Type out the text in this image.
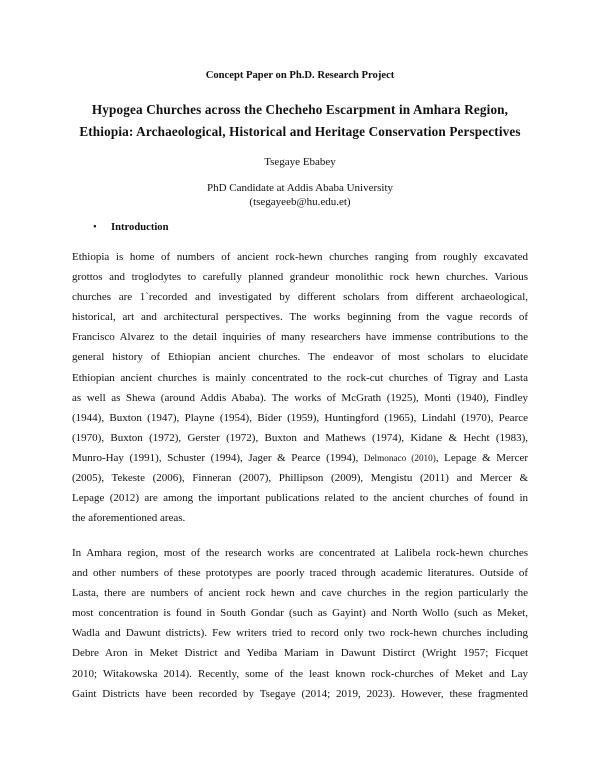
Concept Paper on Ph.D. Research Project
Hypogea Churches across the Checheho Escarpment in Amhara Region,
Ethiopia: Archaeological, Historical and Heritage Conservation Perspectives
Tsegaye Ebabey
PhD Candidate at Addis Ababa University
(tsegayeeb@hu.edu.et)
• Introduction
Ethiopia is home of numbers of ancient rock-hewn churches ranging from roughly excavated
grottos and troglodytes to carefully planned grandeur monolithic rock hewn churches. Various
churches are 1`recorded and investigated by different scholars from different archaeological,
historical, art and architectural perspectives. The works beginning from the vague records of
Francisco Alvarez to the detail inquiries of many researchers have immense contributions to the
general history of Ethiopian ancient churches. The endeavor of most scholars to elucidate
Ethiopian ancient churches is mainly concentrated to the rock-cut churches of Tigray and Lasta
as well as Shewa (around Addis Ababa). The works of McGrath (1925), Monti (1940), Findley
(1944), Buxton (1947), Playne (1954), Bider (1959), Huntingford (1965), Lindahl (1970), Pearce
(1970), Buxton (1972), Gerster (1972), Buxton and Mathews (1974), Kidane & Hecht (1983),
Munro-Hay (1991), Schuster (1994), Jager & Pearce (1994), Delmonaco (2010), Lepage & Mercer
(2005), Tekeste (2006), Finneran (2007), Phillipson (2009), Mengistu (2011) and Mercer &
Lepage (2012) are among the important publications related to the ancient churches of found in
the aforementioned areas.
In Amhara region, most of the research works are concentrated at Lalibela rock-hewn churches
and other numbers of these prototypes are poorly traced through academic literatures. Outside of
Lasta, there are numbers of ancient rock hewn and cave churches in the region particularly the
most concentration is found in South Gondar (such as Gayint) and North Wollo (such as Meket,
Wadla and Dawunt districts). Few writers tried to record only two rock-hewn churches including
Debre Aron in Meket District and Yediba Mariam in Dawunt Distirct (Wright 1957; Ficquet
2010; Witakowska 2014). Recently, some of the least known rock-churches of Meket and Lay
Gaint Districts have been recorded by Tsegaye (2014; 2019, 2023). However, these fragmented
